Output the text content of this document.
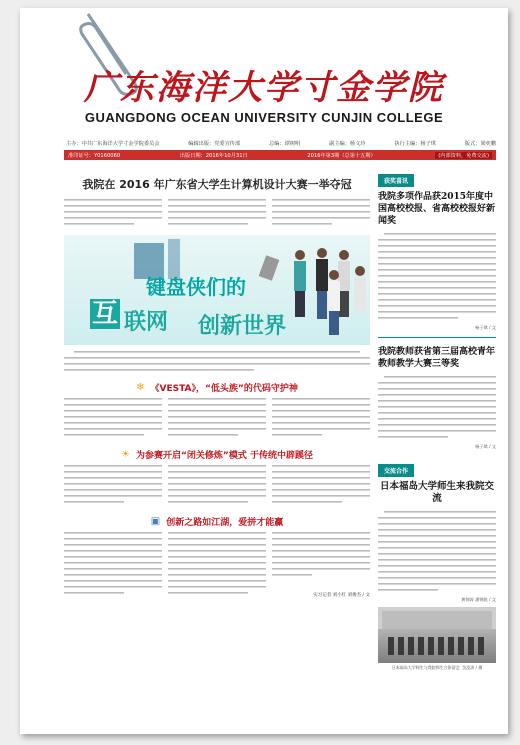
广东海洋大学寸金学院
GUANGDONG OCEAN UNIVERSITY CUNJIN COLLEGE
主办：中共广东海洋大学寸金学院委员会	编辑出版：党委宣传部	总编：谭树明	副主编：杨文玲	执行主编：杨子琪	版式：梁奕鹏
准印证号：Y0160060	出版日期：2016年10月31日	2016年第3期（总第十五期）	(内部资料，免费交流)
我院在 2016 年广东省大学生计算机设计大赛一举夺冠

键盘侠们的
互 联网 创新世界
❄ 《VESTA》，“低头族”的代码守护神
☀ 为参赛开启“闭关修炼”模式 于传统中辟蹊径
▣ 创新之路如江湖，爱拼才能赢
实习记者 刘小红 刘俊杰 / 文
获奖喜讯
我院多项作品获2015年度中国高校校报、省高校校报好新闻奖
杨子琪 / 文
我院教师获省第三届高校青年教师教学大赛三等奖
杨子琪 / 文
交流合作
日本福岛大学师生来我院交流
黄锦涛 潘锦锐 / 文
日本福岛大学师生与我院师生合影留念 沈泓涛 / 摄
